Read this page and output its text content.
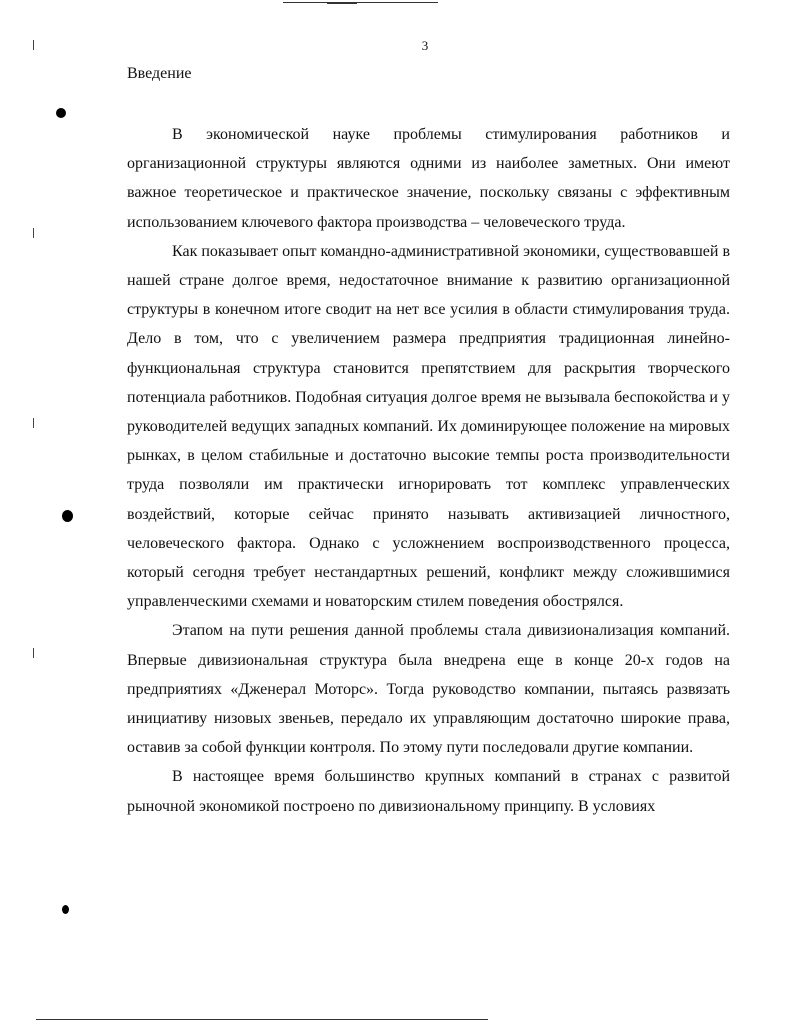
3
Введение

В экономической науке проблемы стимулирования работников и организационной структуры являются одними из наиболее заметных. Они имеют важное теоретическое и практическое значение, поскольку связаны с эффективным использованием ключевого фактора производства – человеческого труда.

Как показывает опыт командно-административной экономики, существовавшей в нашей стране долгое время, недостаточное внимание к развитию организационной структуры в конечном итоге сводит на нет все усилия в области стимулирования труда. Дело в том, что с увеличением размера предприятия традиционная линейно-функциональная структура становится препятствием для раскрытия творческого потенциала работников. Подобная ситуация долгое время не вызывала беспокойства и у руководителей ведущих западных компаний. Их доминирующее положение на мировых рынках, в целом стабильные и достаточно высокие темпы роста производительности труда позволяли им практически игнорировать тот комплекс управленческих воздействий, которые сейчас принято называть активизацией личностного, человеческого фактора. Однако с усложнением воспроизводственного процесса, который сегодня требует нестандартных решений, конфликт между сложившимися управленческими схемами и новаторским стилем поведения обострялся.

Этапом на пути решения данной проблемы стала дивизионализация компаний. Впервые дивизиональная структура была внедрена еще в конце 20-х годов на предприятиях «Дженерал Моторс». Тогда руководство компании, пытаясь развязать инициативу низовых звеньев, передало их управляющим достаточно широкие права, оставив за собой функции контроля. По этому пути последовали другие компании.

В настоящее время большинство крупных компаний в странах с развитой рыночной экономикой построено по дивизиональному принципу. В условиях
